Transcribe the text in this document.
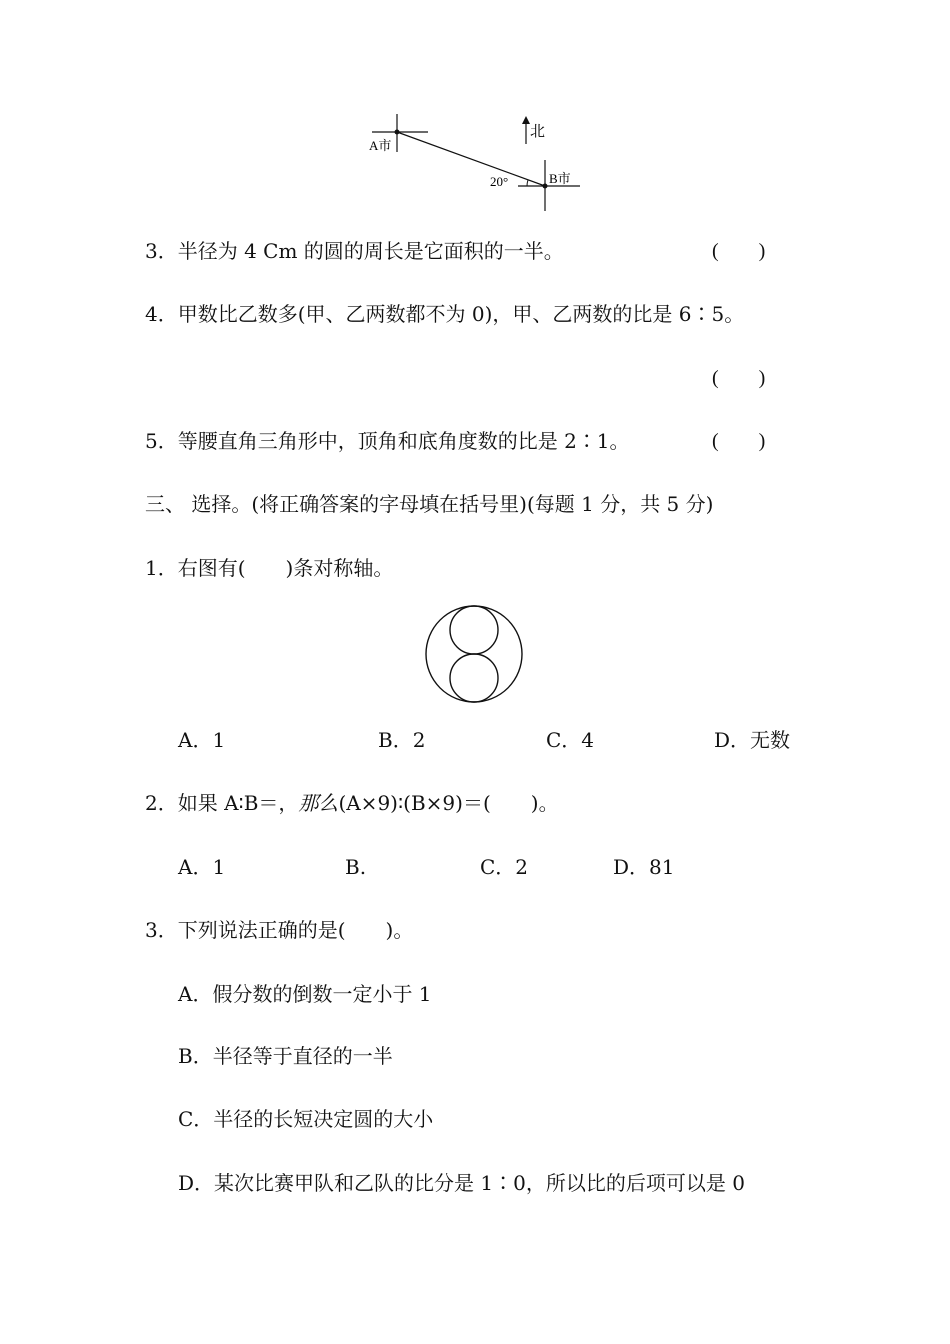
A市
B市
20°
北
3．半径为 4 Cm 的圆的周长是它面积的一半。	(　　)
4．甲数比乙数多(甲、乙两数都不为 0)，甲、乙两数的比是 6∶5。
(　　)
5．等腰直角三角形中，顶角和底角度数的比是 2∶1。	(　　)
三、 选择。(将正确答案的字母填在括号里)(每题 1 分，共 5 分)
1．右图有(　　)条对称轴。
A．1	B．2	C．4	D．无数
2．如果 A∶B＝，那么(A×9)∶(B×9)＝(　　)。
A．1	B.	C．2	D．81
3．下列说法正确的是(　　)。
A．假分数的倒数一定小于 1
B．半径等于直径的一半
C．半径的长短决定圆的大小
D．某次比赛甲队和乙队的比分是 1∶0，所以比的后项可以是 0
